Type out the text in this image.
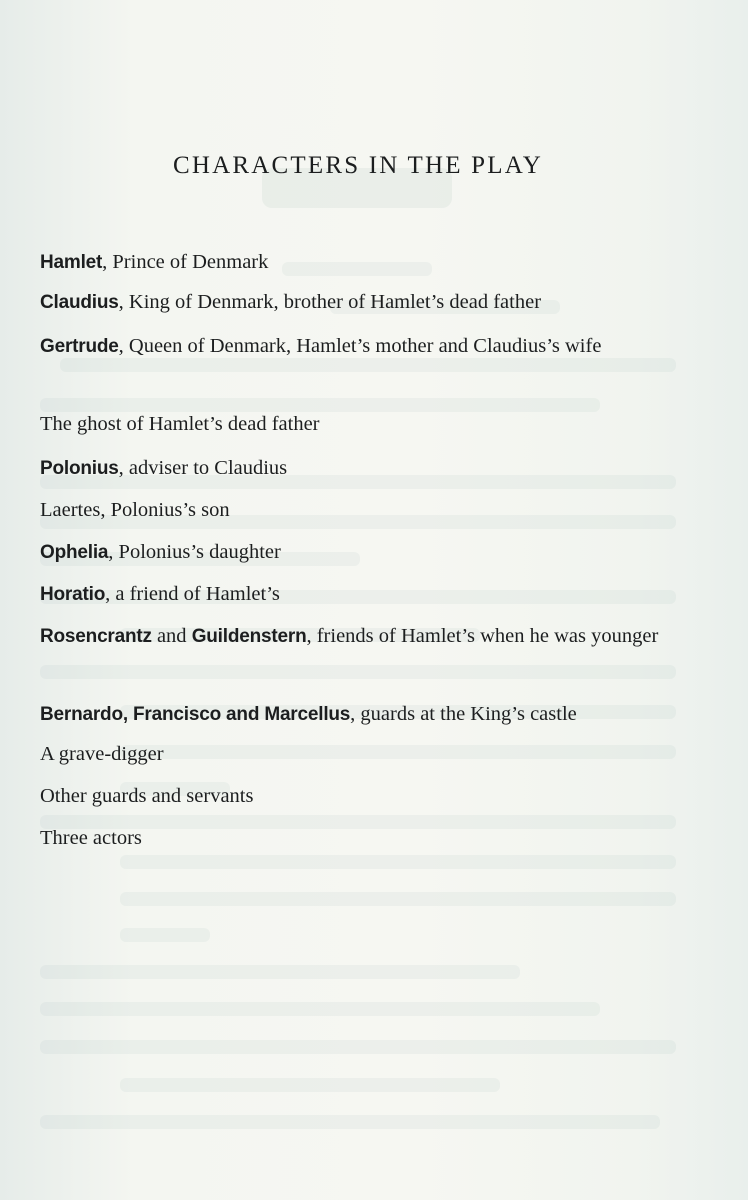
CHARACTERS IN THE PLAY
Hamlet, Prince of Denmark
Claudius, King of Denmark, brother of Hamlet’s dead father
Gertrude, Queen of Denmark, Hamlet’s mother and Claudius’s wife
The ghost of Hamlet’s dead father
Polonius, adviser to Claudius
Laertes, Polonius’s son
Ophelia, Polonius’s daughter
Horatio, a friend of Hamlet’s
Rosencrantz and Guildenstern, friends of Hamlet’s when he was younger
Bernardo, Francisco and Marcellus, guards at the King’s castle
A grave-digger
Other guards and servants
Three actors
